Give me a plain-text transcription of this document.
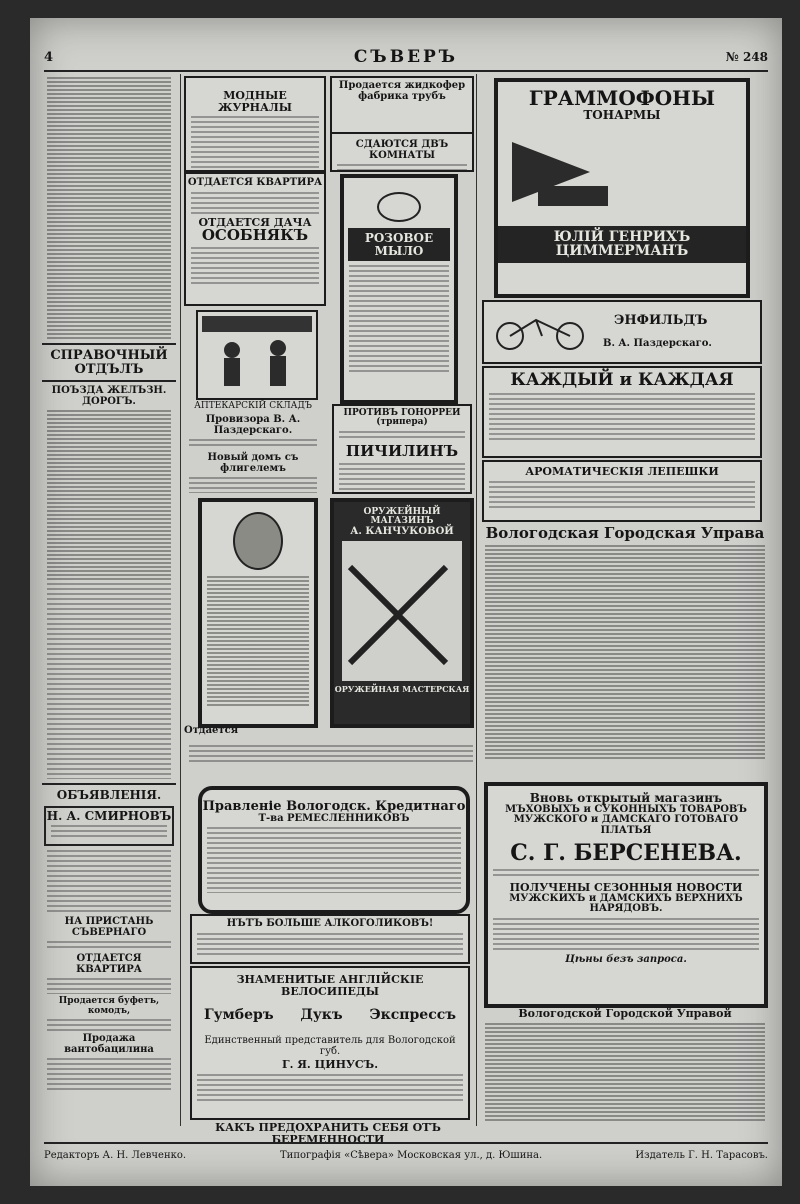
4	СЪВЕРЪ	№ 248
СПРАВОЧНЫЙ ОТДЪЛЪ
ПОЪЗДА ЖЕЛЪЗН. ДОРОГЪ.
ОБЪЯВЛЕНІЯ.
Н. А. СМИРНОВЪ
НА ПРИСТАНЬ СЪВЕРНАГО
ОТДАЕТСЯ КВАРТИРА
Продается буфетъ, комодъ,
Продажа вантобацилина
МОДНЫЕ ЖУРНАЛЫ
Продается жидкофер фабрика трубъ
СДАЮТСЯ ДВЪ КОМНАТЫ
ОТДАЕТСЯ КВАРТИРА
ОТДАЕТСЯ ДАЧА
ОСОБНЯКЪ	РОЗОВОЕ МЫЛО
АПТЕКАРСКІЙ СКЛАДЪ
Провизора В. А. Паздерскаго.
Новый домъ съ флигелемъ
ПРОТИВЪ ГОНОРРЕИ (трипера)
ПИЧИЛИНЪ
ОРУЖЕЙНЫЙ МАГАЗИНЪ
А. КАНЧУКОВОЙ
ОРУЖЕЙНАЯ МАСТЕРСКАЯ
Отдается
Правленіе Вологодск. Кредитнаго
Т-ва РЕМЕСЛЕННИКОВЪ
НЪТЪ БОЛЬШЕ АЛКОГОЛИКОВЪ!
ЗНАМЕНИТЫЕ АНГЛІЙСКІЕ ВЕЛОСИПЕДЫ
Гумберъ Дукъ Экспрессъ
Единственный представитель для Вологодской губ.
Г. Я. ЦИНУСЪ.
КАКЪ ПРЕДОХРАНИТЬ СЕБЯ ОТЪ БЕРЕМЕННОСТИ
ГРАММОФОНЫ
ТОНАРМЫ
ЮЛІЙ ГЕНРИХЪ ЦИММЕРМАНЪ
ЭНФИЛЬДЪ
В. А. Паздерскаго.
КАЖДЫЙ и КАЖДАЯ
АРОМАТИЧЕСКІЯ ЛЕПЕШКИ
Вологодская Городская Управа
Вновь открытый магазинъ
МЪХОВЫХЪ и СУКОННЫХЪ ТОВАРОВЪ
МУЖСКОГО и ДАМСКАГО ГОТОВАГО ПЛАТЬЯ
С. Г. БЕРСЕНЕВА.
ПОЛУЧЕНЫ СЕЗОННЫЯ НОВОСТИ
МУЖСКИХЪ и ДАМСКИХЪ ВЕРХНИХЪ
НАРЯДОВЪ.
Цѣны безъ запроса.
Вологодской Городской Управой
Редакторъ А. Н. Левченко.	Типографія «Сѣвера» Московская ул., д. Юшина.	Издатель Г. Н. Тарасовъ.
